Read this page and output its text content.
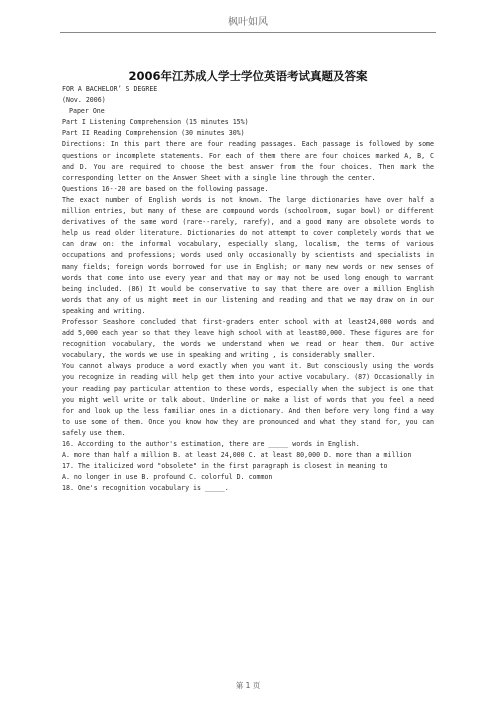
枫叶如风
2006年江苏成人学士学位英语考试真题及答案

FOR A BACHELOR’ S DEGREE

(Nov. 2006)

Paper One

Part I Listening Comprehension (15 minutes 15%)

Part II Reading Comprehension (30 minutes 30%)

Directions: In this part there are four reading passages. Each passage is followed by some questions or incomplete statements. For each of them there are four choices marked A, B, C and D. You are required to choose the best answer from the four choices. Then mark the corresponding letter on the Answer Sheet with a single line through the center.

Questions 16--20 are based on the following passage.

The exact number of English words is not known. The large dictionaries have over half a million entries, but many of these are compound words (schoolroom, sugar bowl) or different derivatives of the same word (rare--rarely, rarefy), and a good many are obsolete words to help us read older literature. Dictionaries do not attempt to cover completely words that we can draw on: the informal vocabulary, especially slang, localism, the terms of various occupations and professions; words used only occasionally by scientists and specialists in many fields; foreign words borrowed for use in English; or many new words or new senses of words that come into use every year and that may or may not be used long enough to warrant being included. (86) It would be conservative to say that there are over a million English words that any of us might meet in our listening and reading and that we may draw on in our speaking and writing.

Professor Seashore concluded that first-graders enter school with at least24,000 words and add 5,000 each year so that they leave high school with at least80,000. These figures are for recognition vocabulary, the words we understand when we read or hear them. Our active vocabulary, the words we use in speaking and writing , is considerably smaller.

You cannot always produce a word exactly when you want it. But consciously using the words you recognize in reading will help get them into your active vocabulary. (87) Occasionally in your reading pay particular attention to these words, especially when the subject is one that you might well write or talk about. Underline or make a list of words that you feel a need for and look up the less familiar ones in a dictionary. And then before very long find a way to use some of them. Once you know how they are pronounced and what they stand for, you can safely use them.

16. According to the author's estimation, there are _____ words in English.

A. more than half a million B. at least 24,000 C. at least 80,000 D. more than a million

17. The italicized word "obsolete" in the first paragraph is closest in meaning to

A. no longer in use B. profound C. colorful D. common

18. One's recognition vocabulary is _____.

第 1 页
